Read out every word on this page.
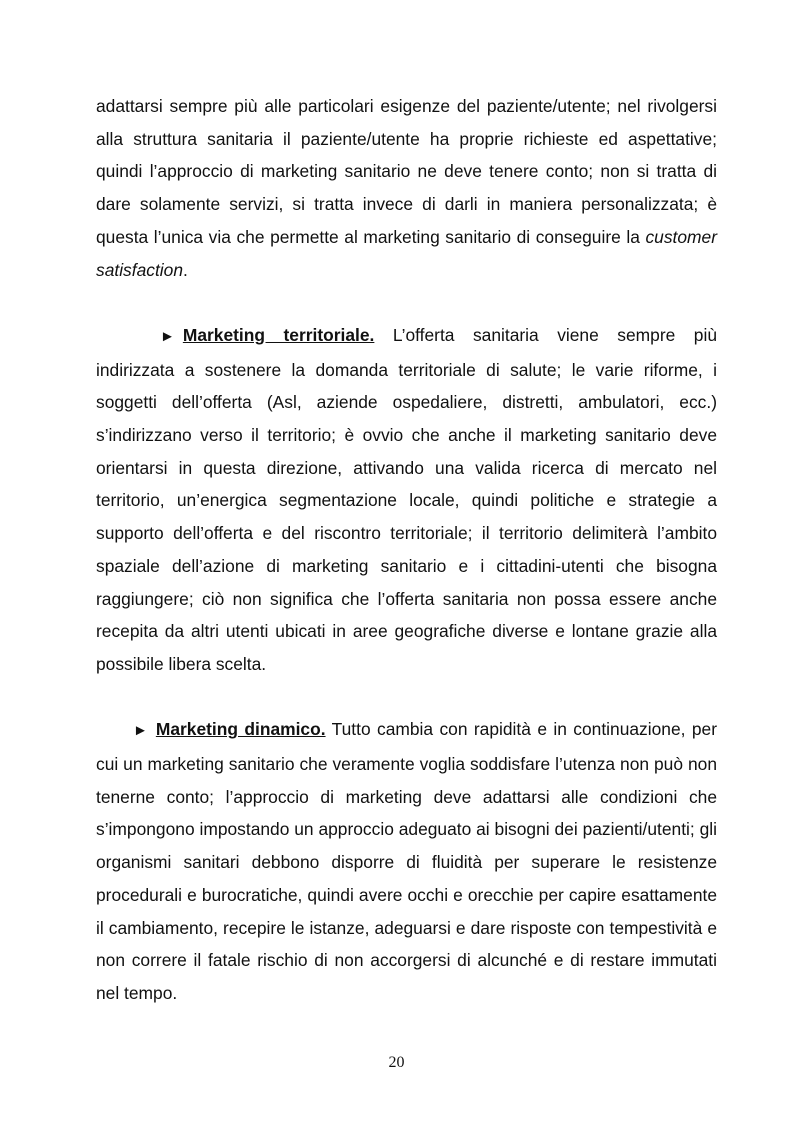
adattarsi sempre più alle particolari esigenze del paziente/utente; nel rivolgersi alla struttura sanitaria il paziente/utente ha proprie richieste ed aspettative; quindi l’approccio di marketing sanitario ne deve tenere conto; non si tratta di dare solamente servizi, si tratta invece di darli in maniera personalizzata; è questa l’unica via che permette al marketing sanitario di conseguire la customer satisfaction.

► Marketing territoriale. L’offerta sanitaria viene sempre più indirizzata a sostenere la domanda territoriale di salute; le varie riforme, i soggetti dell’offerta (Asl, aziende ospedaliere, distretti, ambulatori, ecc.) s’indirizzano verso il territorio; è ovvio che anche il marketing sanitario deve orientarsi in questa direzione, attivando una valida ricerca di mercato nel territorio, un’energica segmentazione locale, quindi politiche e strategie a supporto dell’offerta e del riscontro territoriale; il territorio delimiterà l’ambito spaziale dell’azione di marketing sanitario e i cittadini-utenti che bisogna raggiungere; ciò non significa che l’offerta sanitaria non possa essere anche recepita da altri utenti ubicati in aree geografiche diverse e lontane grazie alla possibile libera scelta.

► Marketing dinamico. Tutto cambia con rapidità e in continuazione, per cui un marketing sanitario che veramente voglia soddisfare l’utenza non può non tenerne conto; l’approccio di marketing deve adattarsi alle condizioni che s’impongono impostando un approccio adeguato ai bisogni dei pazienti/utenti; gli organismi sanitari debbono disporre di fluidità per superare le resistenze procedurali e burocratiche, quindi avere occhi e orecchie per capire esattamente il cambiamento, recepire le istanze, adeguarsi e dare risposte con tempestività e non correre il fatale rischio di non accorgersi di alcunché e di restare immutati nel tempo.

20
